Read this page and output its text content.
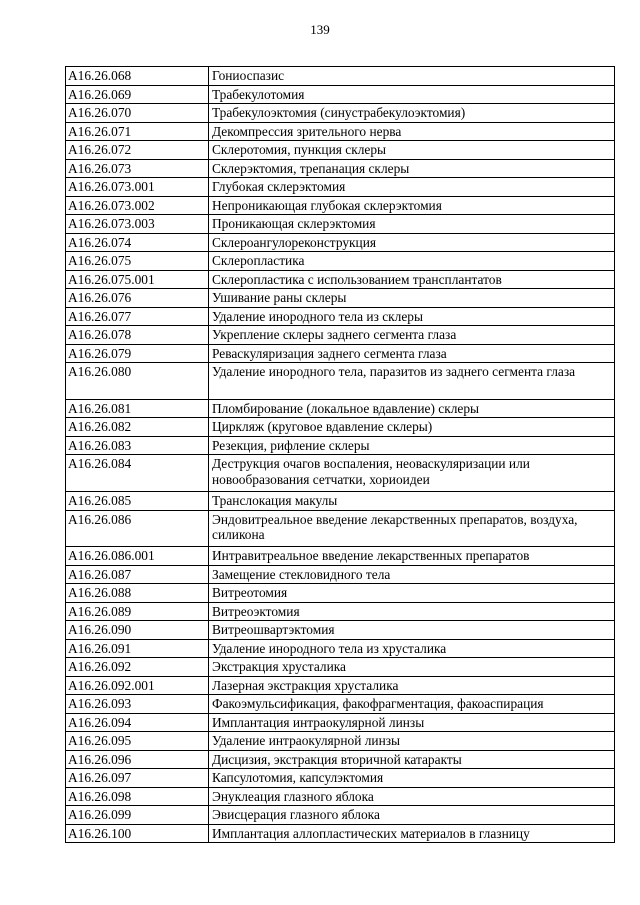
139
A16.26.068	Гониоспазис
A16.26.069	Трабекулотомия
A16.26.070	Трабекулоэктомия (синустрабекулоэктомия)
A16.26.071	Декомпрессия зрительного нерва
A16.26.072	Склеротомия, пункция склеры
A16.26.073	Склерэктомия, трепанация склеры
A16.26.073.001	Глубокая склерэктомия
A16.26.073.002	Непроникающая глубокая склерэктомия
A16.26.073.003	Проникающая склерэктомия
A16.26.074	Склероангулореконструкция
A16.26.075	Склеропластика
A16.26.075.001	Склеропластика с использованием трансплантатов
A16.26.076	Ушивание раны склеры
A16.26.077	Удаление инородного тела из склеры
A16.26.078	Укрепление склеры заднего сегмента глаза
A16.26.079	Реваскуляризация заднего сегмента глаза
A16.26.080	Удаление инородного тела, паразитов из заднего сегмента глаза
A16.26.081	Пломбирование (локальное вдавление) склеры
A16.26.082	Циркляж (круговое вдавление склеры)
A16.26.083	Резекция, рифление склеры
A16.26.084	Деструкция очагов воспаления, неоваскуляризации или новообразования сетчатки, хориоидеи
A16.26.085	Транслокация макулы
A16.26.086	Эндовитреальное введение лекарственных препаратов, воздуха, силикона
A16.26.086.001	Интравитреальное введение лекарственных препаратов
A16.26.087	Замещение стекловидного тела
A16.26.088	Витреотомия
A16.26.089	Витреоэктомия
A16.26.090	Витреошвартэктомия
A16.26.091	Удаление инородного тела из хрусталика
A16.26.092	Экстракция хрусталика
A16.26.092.001	Лазерная экстракция хрусталика
A16.26.093	Факоэмульсификация, факофрагментация, факоаспирация
A16.26.094	Имплантация интраокулярной линзы
A16.26.095	Удаление интраокулярной линзы
A16.26.096	Дисцизия, экстракция вторичной катаракты
A16.26.097	Капсулотомия, капсулэктомия
A16.26.098	Энуклеация глазного яблока
A16.26.099	Эвисцерация глазного яблока
A16.26.100	Имплантация аллопластических материалов в глазницу
